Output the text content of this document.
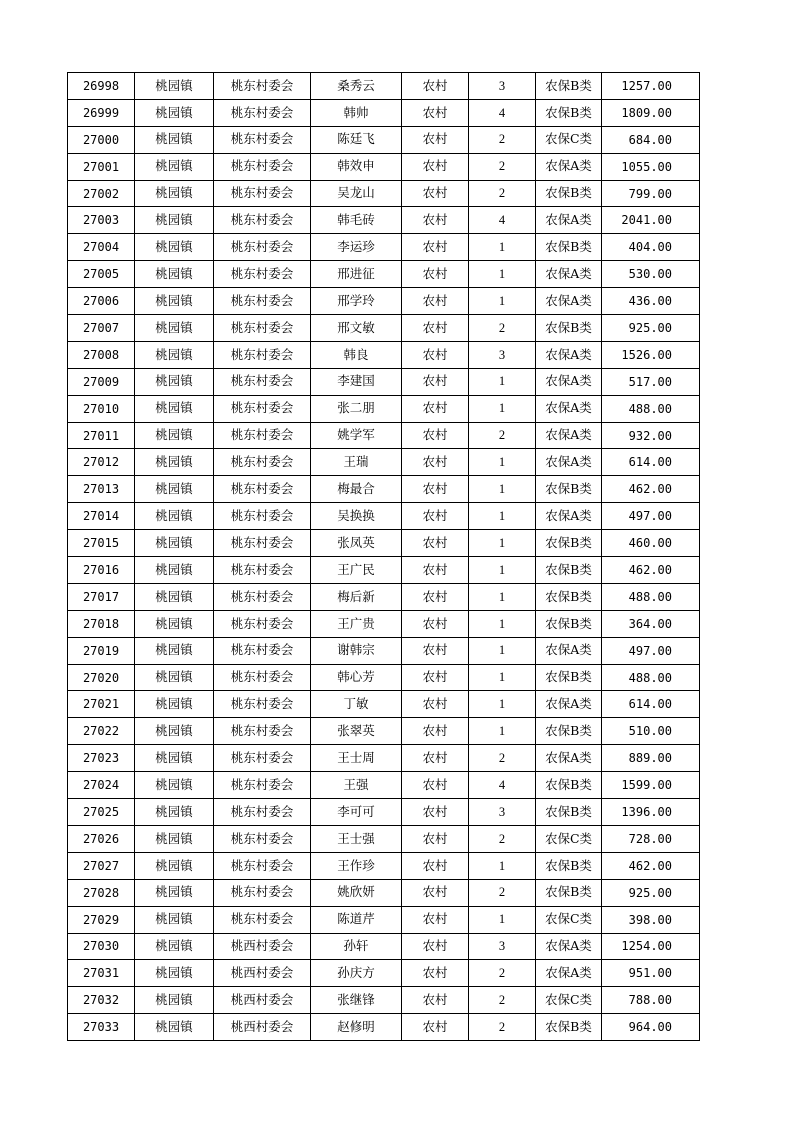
26998	桃园镇	桃东村委会	桑秀云	农村	3	农保B类	1257.00
26999	桃园镇	桃东村委会	韩帅	农村	4	农保B类	1809.00
27000	桃园镇	桃东村委会	陈廷飞	农村	2	农保C类	684.00
27001	桃园镇	桃东村委会	韩效申	农村	2	农保A类	1055.00
27002	桃园镇	桃东村委会	吴龙山	农村	2	农保B类	799.00
27003	桃园镇	桃东村委会	韩毛砖	农村	4	农保A类	2041.00
27004	桃园镇	桃东村委会	李运珍	农村	1	农保B类	404.00
27005	桃园镇	桃东村委会	邢进征	农村	1	农保A类	530.00
27006	桃园镇	桃东村委会	邢学玲	农村	1	农保A类	436.00
27007	桃园镇	桃东村委会	邢文敏	农村	2	农保B类	925.00
27008	桃园镇	桃东村委会	韩良	农村	3	农保A类	1526.00
27009	桃园镇	桃东村委会	李建国	农村	1	农保A类	517.00
27010	桃园镇	桃东村委会	张二朋	农村	1	农保A类	488.00
27011	桃园镇	桃东村委会	姚学军	农村	2	农保A类	932.00
27012	桃园镇	桃东村委会	王瑞	农村	1	农保A类	614.00
27013	桃园镇	桃东村委会	梅最合	农村	1	农保B类	462.00
27014	桃园镇	桃东村委会	吴换换	农村	1	农保A类	497.00
27015	桃园镇	桃东村委会	张凤英	农村	1	农保B类	460.00
27016	桃园镇	桃东村委会	王广民	农村	1	农保B类	462.00
27017	桃园镇	桃东村委会	梅后新	农村	1	农保B类	488.00
27018	桃园镇	桃东村委会	王广贵	农村	1	农保B类	364.00
27019	桃园镇	桃东村委会	谢韩宗	农村	1	农保A类	497.00
27020	桃园镇	桃东村委会	韩心芳	农村	1	农保B类	488.00
27021	桃园镇	桃东村委会	丁敏	农村	1	农保A类	614.00
27022	桃园镇	桃东村委会	张翠英	农村	1	农保B类	510.00
27023	桃园镇	桃东村委会	王士周	农村	2	农保A类	889.00
27024	桃园镇	桃东村委会	王强	农村	4	农保B类	1599.00
27025	桃园镇	桃东村委会	李可可	农村	3	农保B类	1396.00
27026	桃园镇	桃东村委会	王士强	农村	2	农保C类	728.00
27027	桃园镇	桃东村委会	王作珍	农村	1	农保B类	462.00
27028	桃园镇	桃东村委会	姚欣妍	农村	2	农保B类	925.00
27029	桃园镇	桃东村委会	陈道芹	农村	1	农保C类	398.00
27030	桃园镇	桃西村委会	孙轩	农村	3	农保A类	1254.00
27031	桃园镇	桃西村委会	孙庆方	农村	2	农保A类	951.00
27032	桃园镇	桃西村委会	张继锋	农村	2	农保C类	788.00
27033	桃园镇	桃西村委会	赵修明	农村	2	农保B类	964.00
